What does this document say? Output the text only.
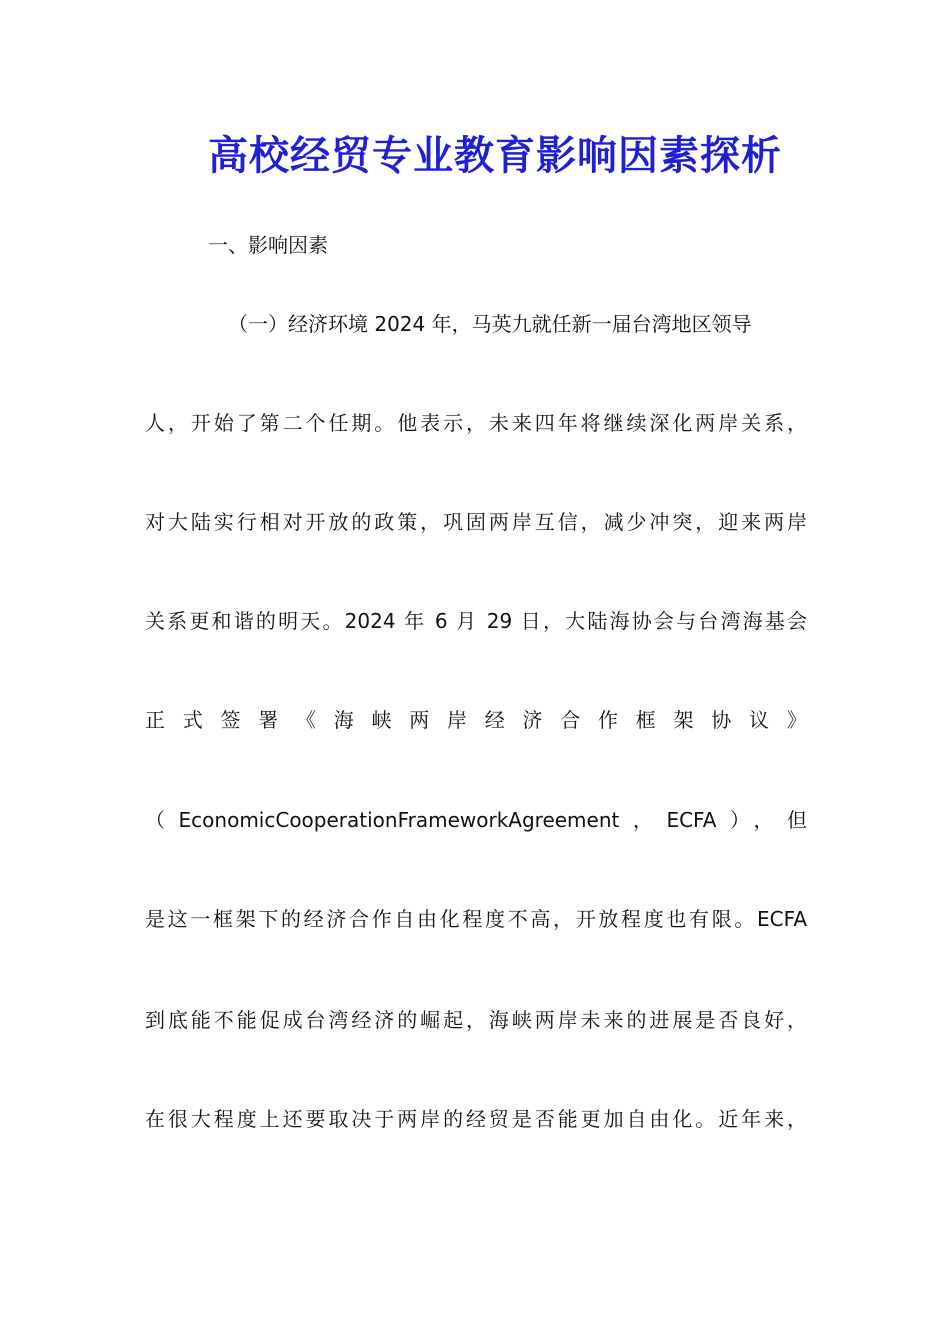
高校经贸专业教育影响因素探析
一、影响因素
（一）经济环境 2024 年，马英九就任新一届台湾地区领导
人，开始了第二个任期。他表示，未来四年将继续深化两岸关系，
对大陆实行相对开放的政策，巩固两岸互信，减少冲突，迎来两岸
关系更和谐的明天。2024 年 6 月 29 日，大陆海协会与台湾海基会
正 式 签 署 《 海 峡 两 岸 经 济 合 作 框 架 协 议 》
（EconomicCooperationFrameworkAgreement，ECFA），但
是这一框架下的经济合作自由化程度不高，开放程度也有限。ECFA
到底能不能促成台湾经济的崛起，海峡两岸未来的进展是否良好，
在很大程度上还要取决于两岸的经贸是否能更加自由化。近年来，
